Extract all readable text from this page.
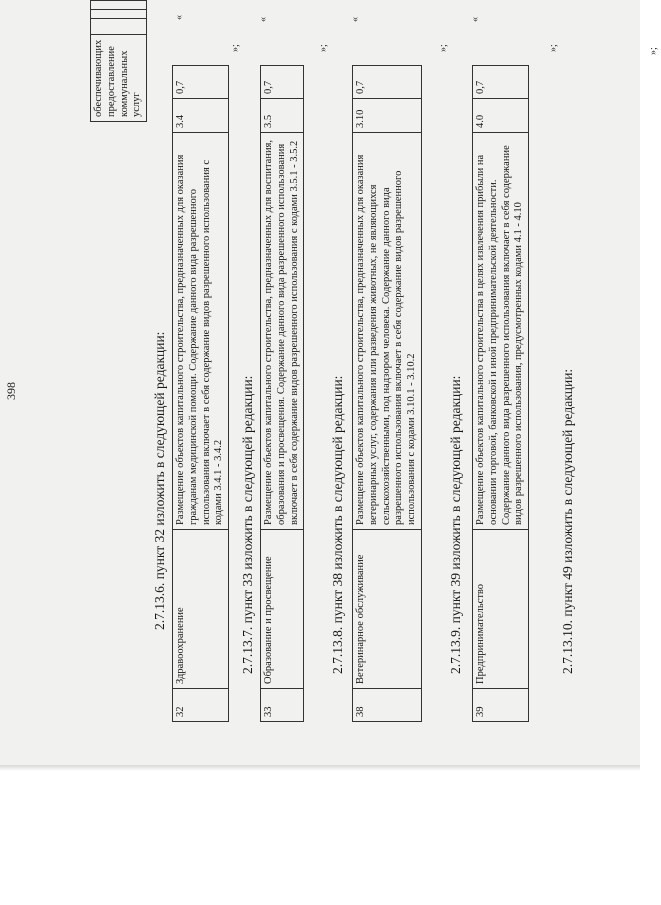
398
обеспечивающих предоставление коммунальных услуг			
»;
2.7.13.6. пункт 32 изложить в следующей редакции:
«
32	Здравоохранение	Размещение объектов капитального строительства, предназначенных для оказания гражданам медицинской помощи. Содержание данного вида разрешенного использования включает в себя содержание видов разрешенного использования с кодами 3.4.1 - 3.4.2	3.4	0,7
»;
2.7.13.7. пункт 33 изложить в следующей редакции:
«
33	Образование и просвещение	Размещение объектов капитального строительства, предназначенных для воспитания, образования и просвещения. Содержание данного вида разрешенного использования включает в себя содержание видов разрешенного использования с кодами 3.5.1 - 3.5.2	3.5	0,7
»;
2.7.13.8. пункт 38 изложить в следующей редакции:
«
38	Ветеринарное обслуживание	Размещение объектов капитального строительства, предназначенных для оказания ветеринарных услуг, содержания или разведения животных, не являющихся сельскохозяйственными, под надзором человека. Содержание данного вида разрешенного использования включает в себя содержание видов разрешенного использования с кодами 3.10.1 - 3.10.2	3.10	0,7
»;
2.7.13.9. пункт 39 изложить в следующей редакции:
«
39	Предпринимательство	Размещение объектов капитального строительства в целях извлечения прибыли на основании торговой, банковской и иной предпринимательской деятельности. Содержание данного вида разрешенного использования включает в себя содержание видов разрешенного использования, предусмотренных кодами 4.1 - 4.10	4.0	0,7
»;
2.7.13.10. пункт 49 изложить в следующей редакции:
